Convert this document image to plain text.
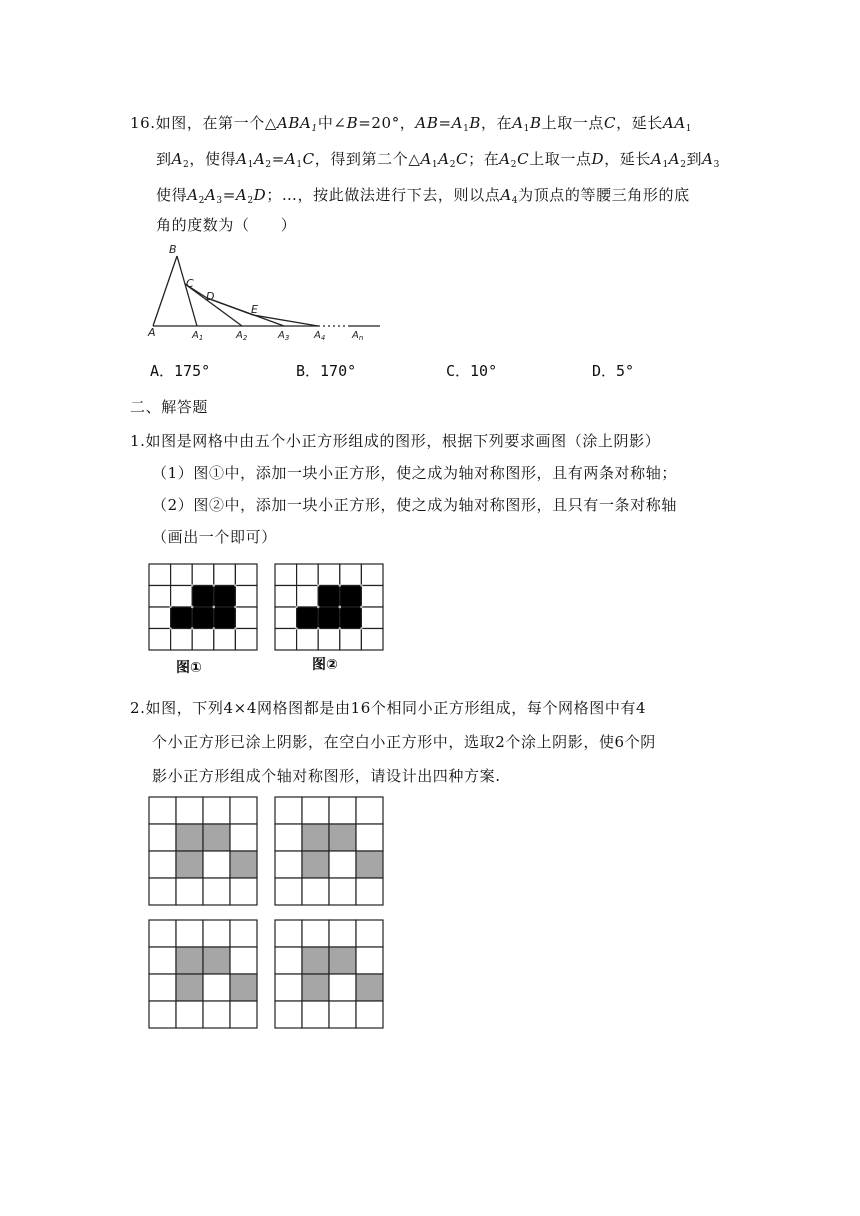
16.如图，在第一个$\triangle ABA_1$中∠B=20°，$AB=A_1B$，在$A_1B$上取一点C，延长$AA_1$
到$A_2$，使得$A_1A_2=A_1C$，得到第二个$\triangle A_1A_2C$；在$A_2C$上取一点D，延长$A_1A_2$到$A_3$
使得$A_2A_3=A_2D$；…，按此做法进行下去，则以点$A_4$为顶点的等腰三角形的底
角的度数为（　　）
B
C
D
E
A	$A_1$	$A_2$	$A_3$ $A_4$	$A_n$
A．175°	B．170°	C．10°	D．5°
二、解答题
1.如图是网格中由五个小正方形组成的图形，根据下列要求画图（涂上阴影）
（1）图①中，添加一块小正方形，使之成为轴对称图形，且有两条对称轴；
（2）图②中，添加一块小正方形，使之成为轴对称图形，且只有一条对称轴
（画出一个即可）
图①	图②
2.如图，下列4×4网格图都是由16个相同小正方形组成，每个网格图中有4
个小正方形已涂上阴影，在空白小正方形中，选取2个涂上阴影，使6个阴
影小正方形组成个轴对称图形，请设计出四种方案.
